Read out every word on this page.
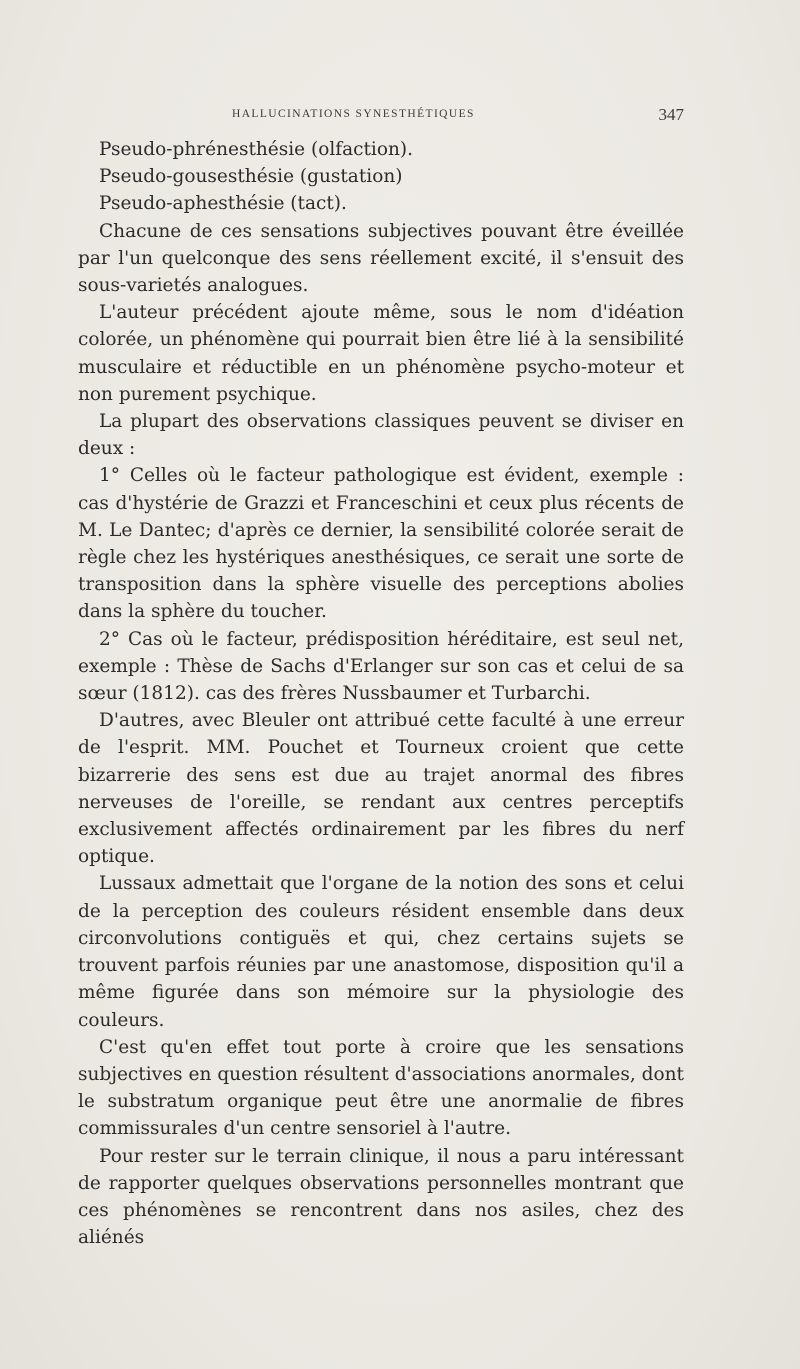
HALLUCINATIONS SYNESTHÉTIQUES	347

Pseudo-phrénesthésie (olfaction).

Pseudo-gousesthésie (gustation)

Pseudo-aphesthésie (tact).

Chacune de ces sensations subjectives pouvant être éveillée par l'un quelconque des sens réellement excité, il s'ensuit des sous-varietés analogues.

L'auteur précédent ajoute même, sous le nom d'idéation colorée, un phénomène qui pourrait bien être lié à la sensibilité musculaire et réductible en un phénomène psycho-moteur et non purement psychique.

La plupart des observations classiques peuvent se diviser en deux :

1° Celles où le facteur pathologique est évident, exemple : cas d'hystérie de Grazzi et Franceschini et ceux plus récents de M. Le Dantec; d'après ce dernier, la sensibilité colorée serait de règle chez les hystériques anesthésiques, ce serait une sorte de transposition dans la sphère visuelle des perceptions abolies dans la sphère du toucher.

2° Cas où le facteur, prédisposition héréditaire, est seul net, exemple : Thèse de Sachs d'Erlanger sur son cas et celui de sa sœur (1812). cas des frères Nussbaumer et Turbarchi.

D'autres, avec Bleuler ont attribué cette faculté à une erreur de l'esprit. MM. Pouchet et Tourneux croient que cette bizarrerie des sens est due au trajet anormal des fibres nerveuses de l'oreille, se rendant aux centres perceptifs exclusivement affectés ordinairement par les fibres du nerf optique.

Lussaux admettait que l'organe de la notion des sons et celui de la perception des couleurs résident ensemble dans deux circonvolutions contiguës et qui, chez certains sujets se trouvent parfois réunies par une anastomose, disposition qu'il a même figurée dans son mémoire sur la physiologie des couleurs.

C'est qu'en effet tout porte à croire que les sensations subjectives en question résultent d'associations anormales, dont le substratum organique peut être une anormalie de fibres commissurales d'un centre sensoriel à l'autre.

Pour rester sur le terrain clinique, il nous a paru intéressant de rapporter quelques observations personnelles montrant que ces phénomènes se rencontrent dans nos asiles, chez des aliénés
